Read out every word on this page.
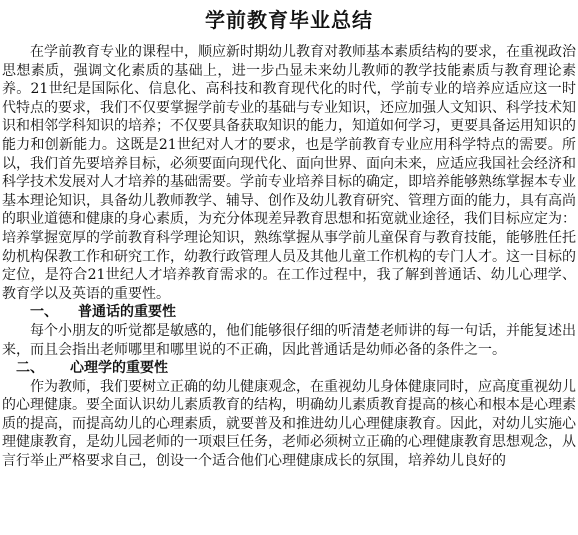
学前教育毕业总结

在学前教育专业的课程中，顺应新时期幼儿教育对教师基本素质结构的要求，在重视政治思想素质，强调文化素质的基础上，进一步凸显未来幼儿教师的教学技能素质与教育理论素养。21世纪是国际化、信息化、高科技和教育现代化的时代，学前专业的培养应适应这一时代特点的要求，我们不仅要掌握学前专业的基础与专业知识，还应加强人文知识、科学技术知识和相邻学科知识的培养；不仅要具备获取知识的能力，知道如何学习，更要具备运用知识的能力和创新能力。这既是21世纪对人才的要求，也是学前教育专业应用科学特点的需要。所以，我们首先要培养目标，必须要面向现代化、面向世界、面向未来，应适应我国社会经济和科学技术发展对人才培养的基础需要。学前专业培养目标的确定，即培养能够熟练掌握本专业基本理论知识，具备幼儿教师教学、辅导、创作及幼儿教育研究、管理方面的能力，具有高尚的职业道德和健康的身心素质，为充分体现差异教育思想和拓宽就业途径，我们目标应定为：培养掌握宽厚的学前教育科学理论知识，熟练掌握从事学前儿童保育与教育技能，能够胜任托幼机构保教工作和研究工作，幼教行政管理人员及其他儿童工作机构的专门人才。这一目标的定位，是符合21世纪人才培养教育需求的。在工作过程中，我了解到普通话、幼儿心理学、教育学以及英语的重要性。

一、 普通话的重要性

每个小朋友的听觉都是敏感的，他们能够很仔细的听清楚老师讲的每一句话，并能复述出来，而且会指出老师哪里和哪里说的不正确，因此普通话是幼师必备的条件之一。

二、 心理学的重要性

作为教师，我们要树立正确的幼儿健康观念，在重视幼儿身体健康同时，应高度重视幼儿的心理健康。要全面认识幼儿素质教育的结构，明确幼儿素质教育提高的核心和根本是心理素质的提高，而提高幼儿的心理素质，就要普及和推进幼儿心理健康教育。因此，对幼儿实施心理健康教育，是幼儿园老师的一项艰巨任务，老师必须树立正确的心理健康教育思想观念，从言行举止严格要求自己，创设一个适合他们心理健康成长的氛围，培养幼儿良好的
